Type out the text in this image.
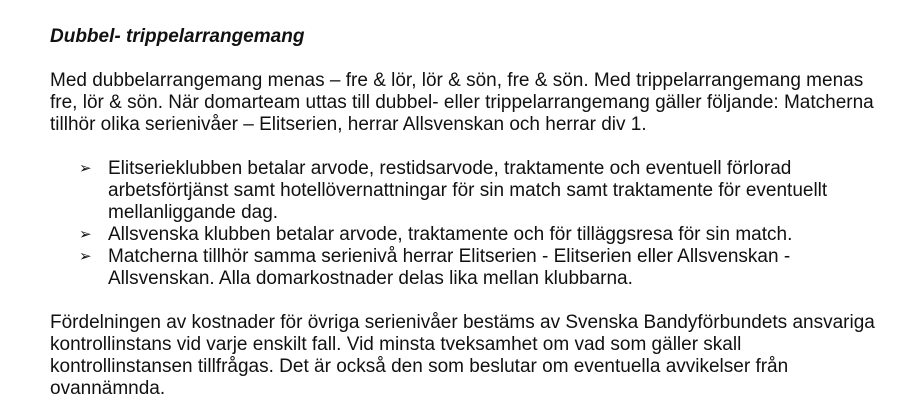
Dubbel- trippelarrangemang

Med dubbelarrangemang menas – fre & lör, lör & sön, fre & sön. Med trippelarrangemang menas fre, lör & sön. När domarteam uttas till dubbel- eller trippelarrangemang gäller följande: Matcherna tillhör olika serienivåer – Elitserien, herrar Allsvenskan och herrar div 1.

➢ Elitserieklubben betalar arvode, restidsarvode, traktamente och eventuell förlorad arbetsförtjänst samt hotellövernattningar för sin match samt traktamente för eventuellt mellanliggande dag.
➢ Allsvenska klubben betalar arvode, traktamente och för tilläggsresa för sin match.
➢ Matcherna tillhör samma serienivå herrar Elitserien - Elitserien eller Allsvenskan - Allsvenskan. Alla domarkostnader delas lika mellan klubbarna.

Fördelningen av kostnader för övriga serienivåer bestäms av Svenska Bandyförbundets ansvariga kontrollinstans vid varje enskilt fall. Vid minsta tveksamhet om vad som gäller skall kontrollinstansen tillfrågas. Det är också den som beslutar om eventuella avvikelser från ovannämnda.
